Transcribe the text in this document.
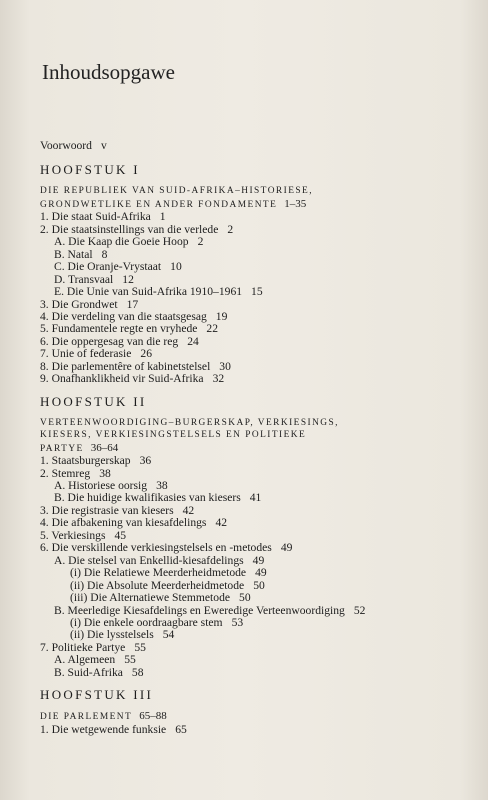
Inhoudsopgawe
Voorwoord v
HOOFSTUK I
DIE REPUBLIEK VAN SUID-AFRIKA–HISTORIESE,
GRONDWETLIKE EN ANDER FONDAMENTE 1–35
1. Die staat Suid-Afrika 1
2. Die staatsinstellings van die verlede 2
A. Die Kaap die Goeie Hoop 2
B. Natal 8
C. Die Oranje-Vrystaat 10
D. Transvaal 12
E. Die Unie van Suid-Afrika 1910–1961 15
3. Die Grondwet 17
4. Die verdeling van die staatsgesag 19
5. Fundamentele regte en vryhede 22
6. Die oppergesag van die reg 24
7. Unie of federasie 26
8. Die parlementêre of kabinetstelsel 30
9. Onafhanklikheid vir Suid-Afrika 32
HOOFSTUK II
VERTEENWOORDIGING–BURGERSKAP, VERKIESINGS,
KIESERS, VERKIESINGSTELSELS EN POLITIEKE
PARTYE 36–64
1. Staatsburgerskap 36
2. Stemreg 38
A. Historiese oorsig 38
B. Die huidige kwalifikasies van kiesers 41
3. Die registrasie van kiesers 42
4. Die afbakening van kiesafdelings 42
5. Verkiesings 45
6. Die verskillende verkiesingstelsels en -metodes 49
A. Die stelsel van Enkellid-kiesafdelings 49
(i) Die Relatiewe Meerderheidmetode 49
(ii) Die Absolute Meerderheidmetode 50
(iii) Die Alternatiewe Stemmetode 50
B. Meerledige Kiesafdelings en Eweredige Verteenwoordiging 52
(i) Die enkele oordraagbare stem 53
(ii) Die lysstelsels 54
7. Politieke Partye 55
A. Algemeen 55
B. Suid-Afrika 58
HOOFSTUK III
DIE PARLEMENT 65–88
1. Die wetgewende funksie 65
